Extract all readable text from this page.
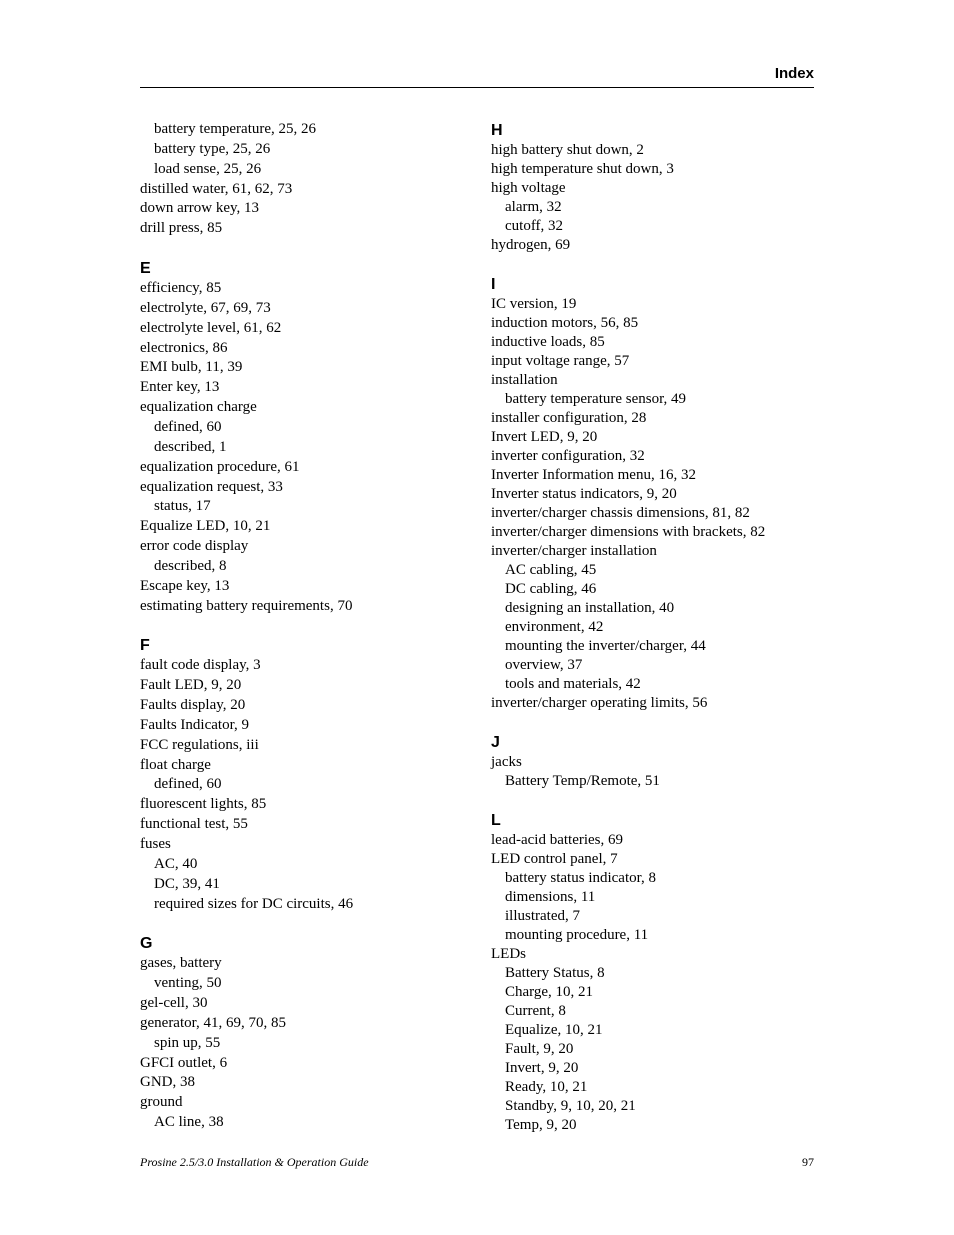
Index
battery temperature, 25, 26
battery type, 25, 26
load sense, 25, 26
distilled water, 61, 62, 73
down arrow key, 13
drill press, 85
E
efficiency, 85
electrolyte, 67, 69, 73
electrolyte level, 61, 62
electronics, 86
EMI bulb, 11, 39
Enter key, 13
equalization charge
defined, 60
described, 1
equalization procedure, 61
equalization request, 33
status, 17
Equalize LED, 10, 21
error code display
described, 8
Escape key, 13
estimating battery requirements, 70
F
fault code display, 3
Fault LED, 9, 20
Faults display, 20
Faults Indicator, 9
FCC regulations, iii
float charge
defined, 60
fluorescent lights, 85
functional test, 55
fuses
AC, 40
DC, 39, 41
required sizes for DC circuits, 46
G
gases, battery
venting, 50
gel-cell, 30
generator, 41, 69, 70, 85
spin up, 55
GFCI outlet, 6
GND, 38
ground
AC line, 38
H
high battery shut down, 2
high temperature shut down, 3
high voltage
alarm, 32
cutoff, 32
hydrogen, 69
I
IC version, 19
induction motors, 56, 85
inductive loads, 85
input voltage range, 57
installation
battery temperature sensor, 49
installer configuration, 28
Invert LED, 9, 20
inverter configuration, 32
Inverter Information menu, 16, 32
Inverter status indicators, 9, 20
inverter/charger chassis dimensions, 81, 82
inverter/charger dimensions with brackets, 82
inverter/charger installation
AC cabling, 45
DC cabling, 46
designing an installation, 40
environment, 42
mounting the inverter/charger, 44
overview, 37
tools and materials, 42
inverter/charger operating limits, 56
J
jacks
Battery Temp/Remote, 51
L
lead-acid batteries, 69
LED control panel, 7
battery status indicator, 8
dimensions, 11
illustrated, 7
mounting procedure, 11
LEDs
Battery Status, 8
Charge, 10, 21
Current, 8
Equalize, 10, 21
Fault, 9, 20
Invert, 9, 20
Ready, 10, 21
Standby, 9, 10, 20, 21
Temp, 9, 20
Prosine 2.5/3.0 Installation & Operation Guide	97
